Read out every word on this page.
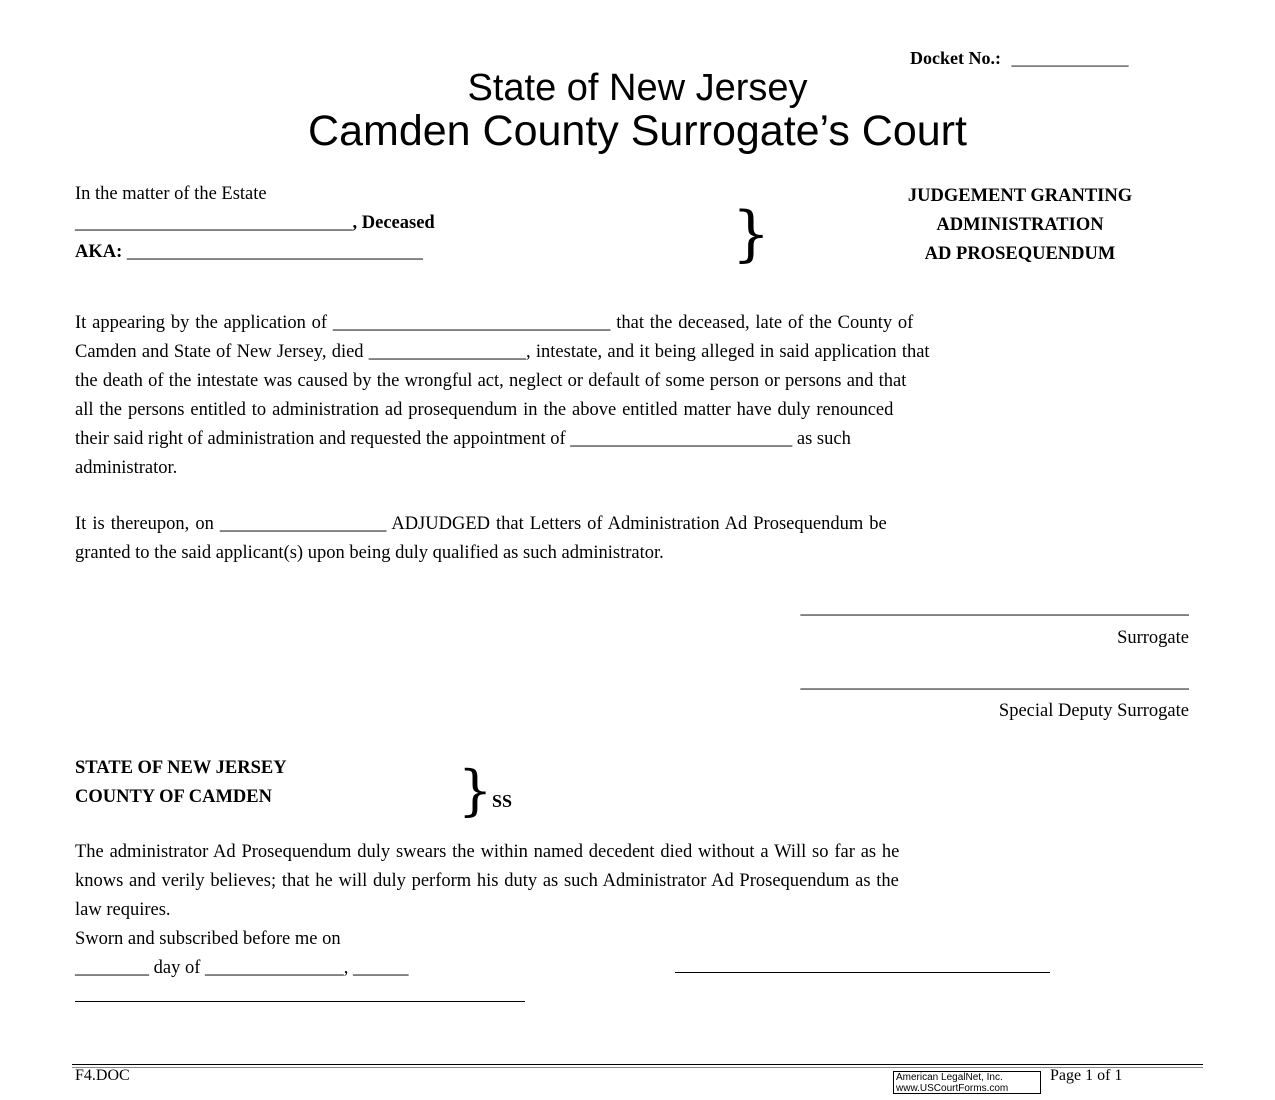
Docket No.: _____________
State of New Jersey
Camden County Surrogate’s Court
In the matter of the Estate
______________________________, Deceased
AKA: ________________________________	}
JUDGEMENT GRANTING
ADMINISTRATION
AD PROSEQUENDUM
It appearing by the application of ______________________________ that the deceased, late of the County of
Camden and State of New Jersey, died _________________, intestate, and it being alleged in said application that
the death of the intestate was caused by the wrongful act, neglect or default of some person or persons and that
all the persons entitled to administration ad prosequendum in the above entitled matter have duly renounced
their said right of administration and requested the appointment of ________________________ as such
administrator.
It is thereupon, on __________________ ADJUDGED that Letters of Administration Ad Prosequendum be
granted to the said applicant(s) upon being duly qualified as such administrator.
__________________________________________
Surrogate
__________________________________________
Special Deputy Surrogate
STATE OF NEW JERSEY
COUNTY OF CAMDEN	} SS
The administrator Ad Prosequendum duly swears the within named decedent died without a Will so far as he
knows and verily believes; that he will duly perform his duty as such Administrator Ad Prosequendum as the
law requires.
Sworn and subscribed before me on
________ day of _______________, ______
F4.DOC	American LegalNet, Inc.
www.USCourtForms.com
Page 1 of 1
